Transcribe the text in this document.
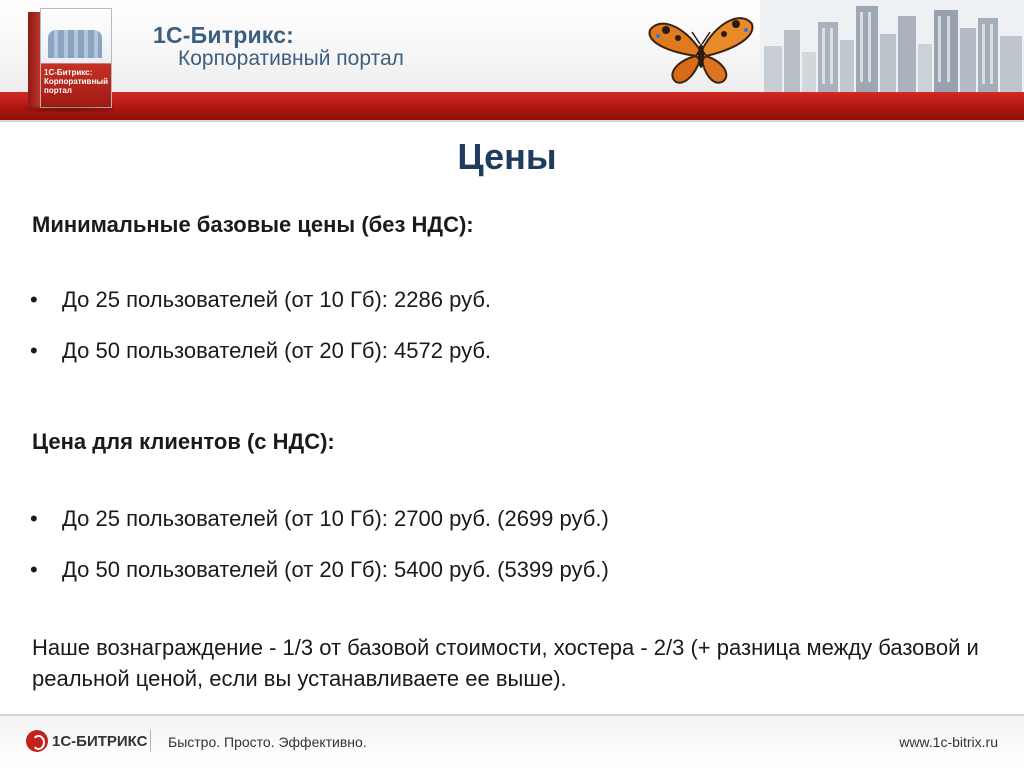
1С-Битрикс: Корпоративный портал
1С-Битрикс:
Корпоративный портал
Цены
Минимальные базовые цены (без НДС):
• До 25 пользователей (от 10 Гб): 2286 руб.
• До 50 пользователей (от 20 Гб): 4572 руб.
Цена для клиентов (с НДС):
• До 25 пользователей (от 10 Гб): 2700 руб. (2699 руб.)
• До 50 пользователей (от 20 Гб): 5400 руб. (5399 руб.)
Наше вознаграждение - 1/3 от базовой стоимости, хостера - 2/3 (+ разница между базовой и реальной ценой, если вы устанавливаете ее выше).
1С-БИТРИКС Быстро. Просто. Эффективно.	www.1c-bitrix.ru
